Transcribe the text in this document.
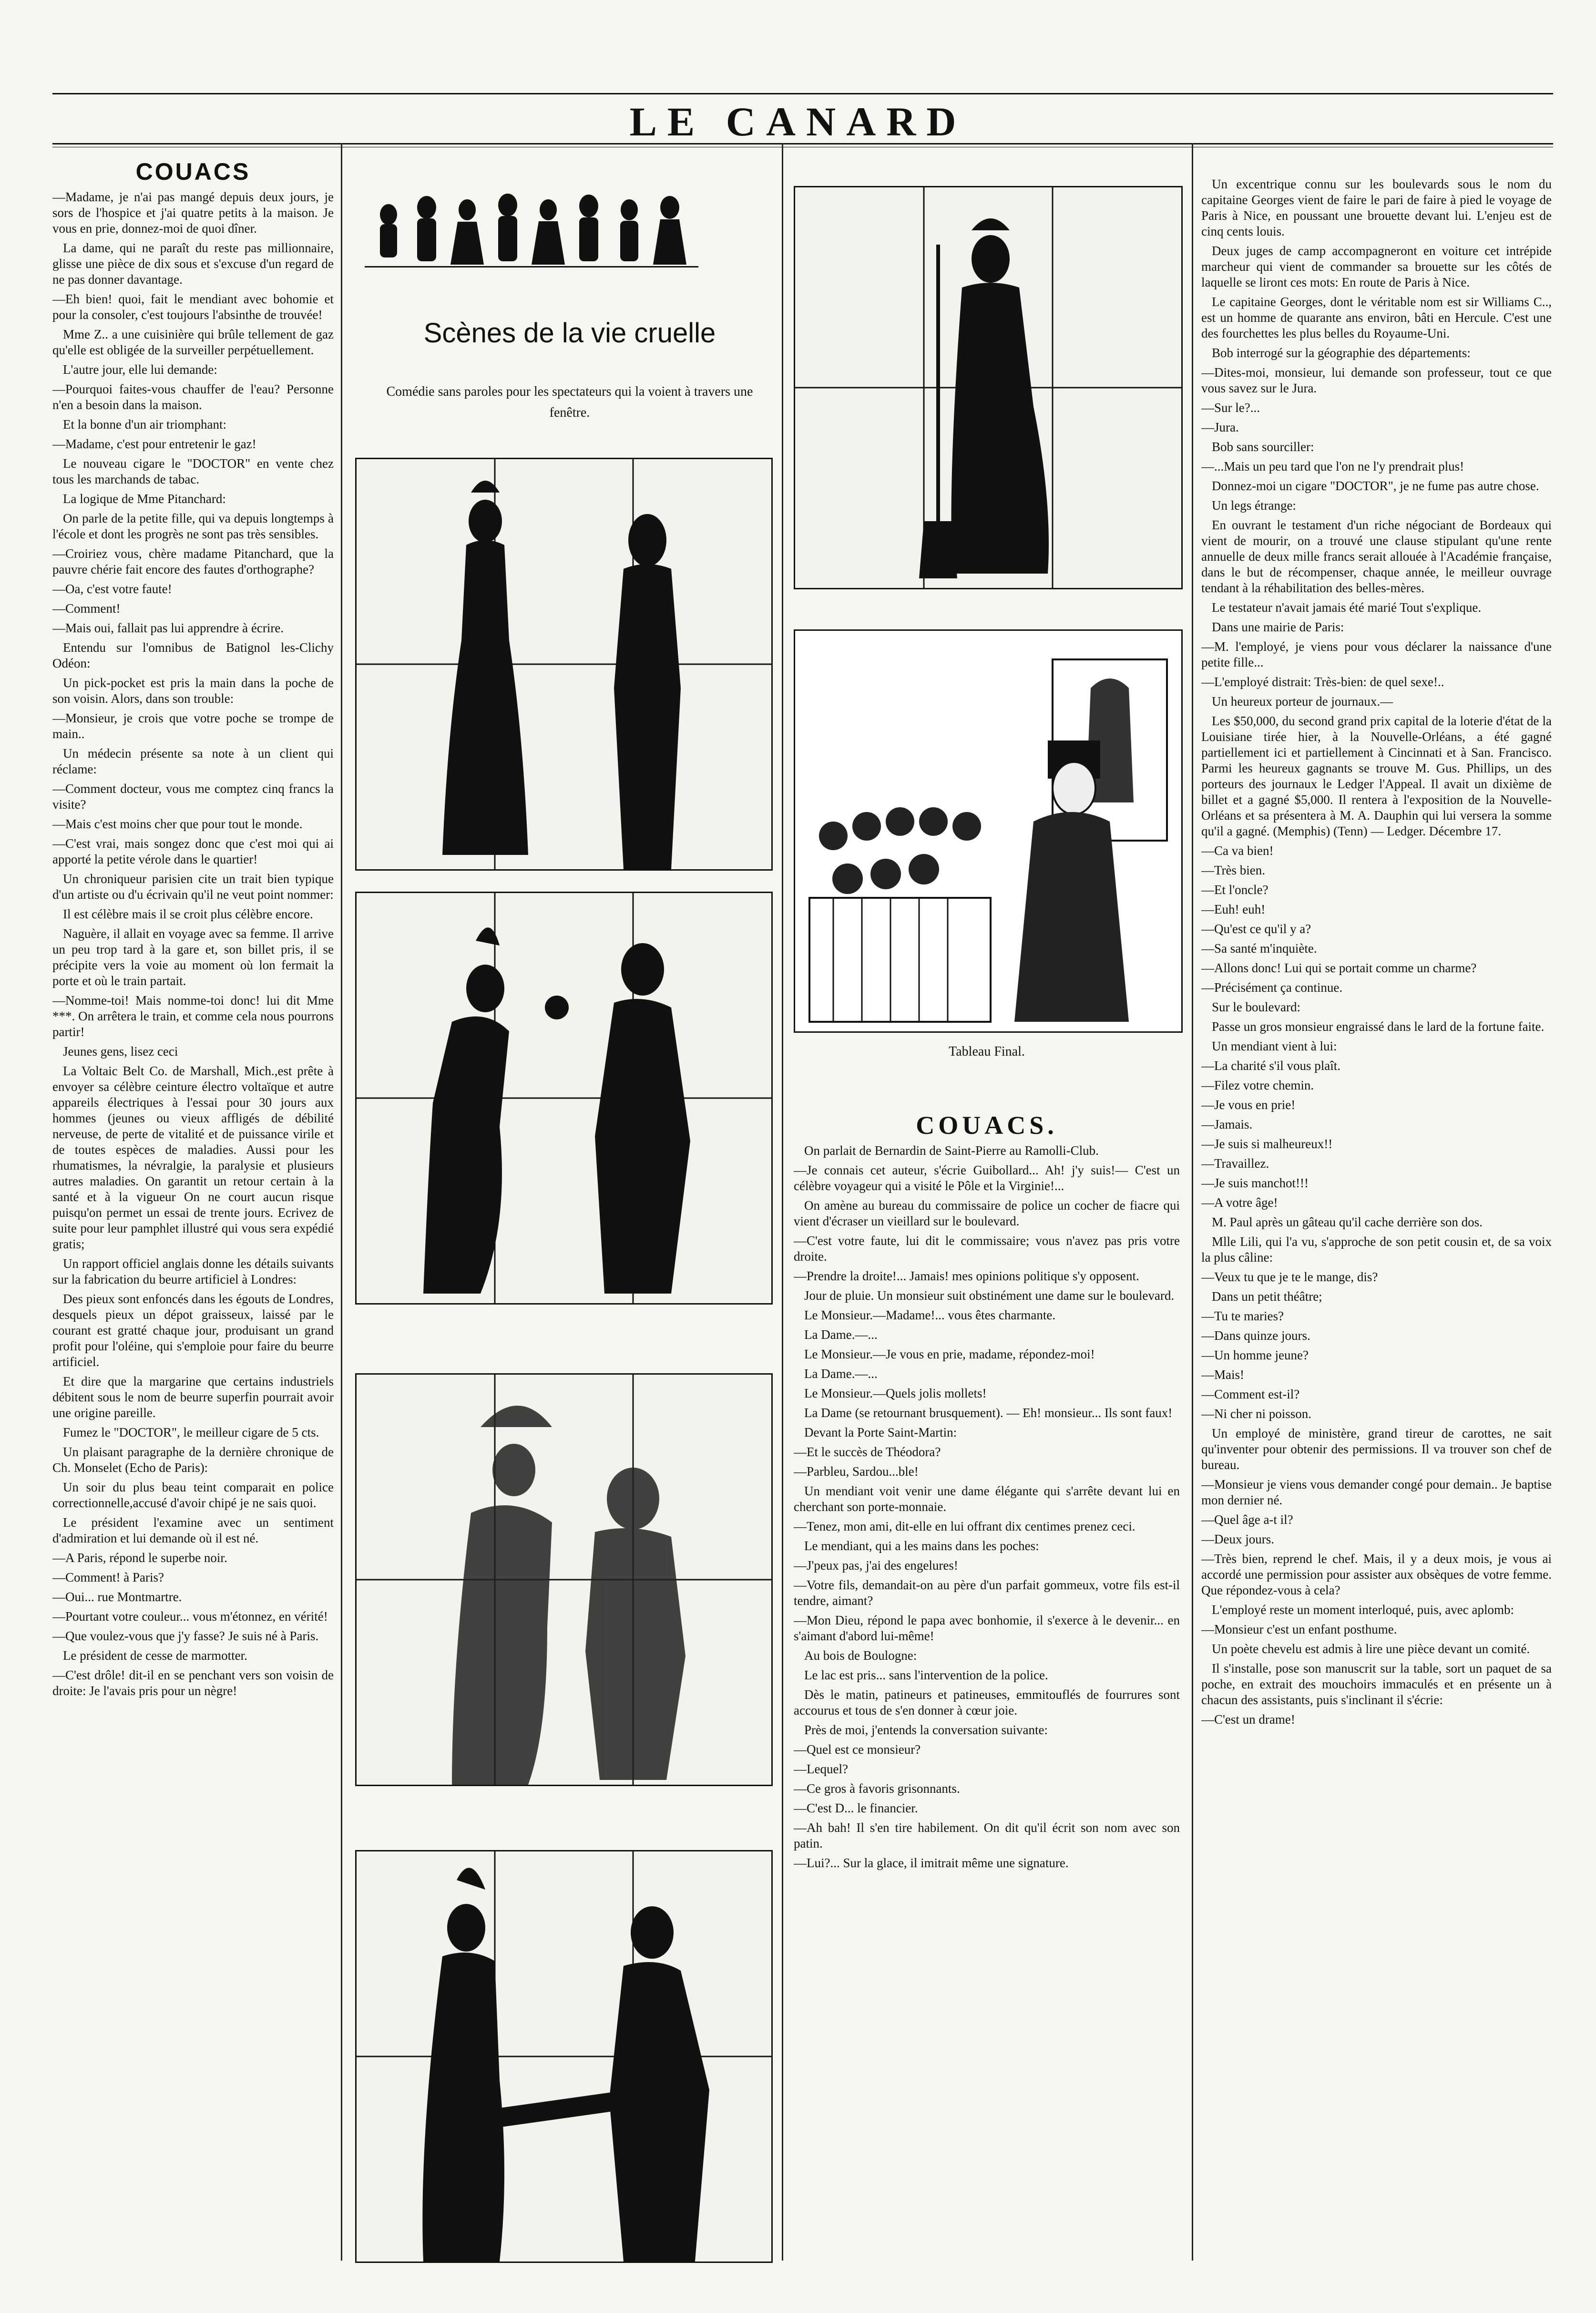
LE CANARD
COUACS

—Madame, je n'ai pas mangé depuis deux jours, je sors de l'hospice et j'ai quatre petits à la maison. Je vous en prie, donnez-moi de quoi dîner.

La dame, qui ne paraît du reste pas millionnaire, glisse une pièce de dix sous et s'excuse d'un regard de ne pas donner davantage.

—Eh bien! quoi, fait le mendiant avec bohomie et pour la consoler, c'est toujours l'absinthe de trouvée!

Mme Z.. a une cuisinière qui brûle tellement de gaz qu'elle est obligée de la surveiller perpétuellement.

L'autre jour, elle lui demande:

—Pourquoi faites-vous chauffer de l'eau? Personne n'en a besoin dans la maison.

Et la bonne d'un air triomphant:

—Madame, c'est pour entretenir le gaz!

Le nouveau cigare le "DOCTOR" en vente chez tous les marchands de tabac.

La logique de Mme Pitanchard:

On parle de la petite fille, qui va depuis longtemps à l'école et dont les progrès ne sont pas très sensibles.

—Croiriez vous, chère madame Pitanchard, que la pauvre chérie fait encore des fautes d'orthographe?

—Oa, c'est votre faute!

—Comment!

—Mais oui, fallait pas lui apprendre à écrire.

Entendu sur l'omnibus de Batignol les-Clichy Odéon:

Un pick-pocket est pris la main dans la poche de son voisin. Alors, dans son trouble:

—Monsieur, je crois que votre poche se trompe de main..

Un médecin présente sa note à un client qui réclame:

—Comment docteur, vous me comptez cinq francs la visite?

—Mais c'est moins cher que pour tout le monde.

—C'est vrai, mais songez donc que c'est moi qui ai apporté la petite vérole dans le quartier!

Un chroniqueur parisien cite un trait bien typique d'un artiste ou d'u écrivain qu'il ne veut point nommer:

Il est célèbre mais il se croit plus célèbre encore.

Naguère, il allait en voyage avec sa femme. Il arrive un peu trop tard à la gare et, son billet pris, il se précipite vers la voie au moment où lon fermait la porte et où le train partait.

—Nomme-toi! Mais nomme-toi donc! lui dit Mme ***. On arrêtera le train, et comme cela nous pourrons partir!

Jeunes gens, lisez ceci

La Voltaic Belt Co. de Marshall, Mich.,est prête à envoyer sa célèbre ceinture électro voltaïque et autre appareils électriques à l'essai pour 30 jours aux hommes (jeunes ou vieux affligés de débilité nerveuse, de perte de vitalité et de puissance virile et de toutes espèces de maladies. Aussi pour les rhumatismes, la névralgie, la paralysie et plusieurs autres maladies. On garantit un retour certain à la santé et à la vigueur On ne court aucun risque puisqu'on permet un essai de trente jours. Ecrivez de suite pour leur pamphlet illustré qui vous sera expédié gratis;

Un rapport officiel anglais donne les détails suivants sur la fabrication du beurre artificiel à Londres:

Des pieux sont enfoncés dans les égouts de Londres, desquels pieux un dépot graisseux, laissé par le courant est gratté chaque jour, produisant un grand profit pour l'oléine, qui s'emploie pour faire du beurre artificiel.

Et dire que la margarine que certains industriels débitent sous le nom de beurre superfin pourrait avoir une origine pareille.

Fumez le "DOCTOR", le meilleur cigare de 5 cts.

Un plaisant paragraphe de la dernière chronique de Ch. Monselet (Echo de Paris):

Un soir du plus beau teint comparait en police correctionnelle,accusé d'avoir chipé je ne sais quoi.

Le président l'examine avec un sentiment d'admiration et lui demande où il est né.

—A Paris, répond le superbe noir.

—Comment! à Paris?

—Oui... rue Montmartre.

—Pourtant votre couleur... vous m'étonnez, en vérité!

—Que voulez-vous que j'y fasse? Je suis né à Paris.

Le président de cesse de marmotter.

—C'est drôle! dit-il en se penchant vers son voisin de droite: Je l'avais pris pour un nègre!

Scènes de la vie cruelle
Comédie sans paroles pour les spectateurs qui la voient à travers une fenêtre.
Tableau Final.
COUACS.

On parlait de Bernardin de Saint-Pierre au Ramolli-Club.

—Je connais cet auteur, s'écrie Guibollard... Ah! j'y suis!— C'est un célèbre voyageur qui a visité le Pôle et la Virginie!...

On amène au bureau du commissaire de police un cocher de fiacre qui vient d'écraser un vieillard sur le boulevard.

—C'est votre faute, lui dit le commissaire; vous n'avez pas pris votre droite.

—Prendre la droite!... Jamais! mes opinions politique s'y opposent.

Jour de pluie. Un monsieur suit obstinément une dame sur le boulevard.

Le Monsieur.—Madame!... vous êtes charmante.

La Dame.—...

Le Monsieur.—Je vous en prie, madame, répondez-moi!

La Dame.—...

Le Monsieur.—Quels jolis mollets!

La Dame (se retournant brusquement). — Eh! monsieur... Ils sont faux!

Devant la Porte Saint-Martin:

—Et le succès de Théodora?

—Parbleu, Sardou...ble!

Un mendiant voit venir une dame élégante qui s'arrête devant lui en cherchant son porte-monnaie.

—Tenez, mon ami, dit-elle en lui offrant dix centimes prenez ceci.

Le mendiant, qui a les mains dans les poches:

—J'peux pas, j'ai des engelures!

—Votre fils, demandait-on au père d'un parfait gommeux, votre fils est-il tendre, aimant?

—Mon Dieu, répond le papa avec bonhomie, il s'exerce à le devenir... en s'aimant d'abord lui-même!

Au bois de Boulogne:

Le lac est pris... sans l'intervention de la police.

Dès le matin, patineurs et patineuses, emmitouflés de fourrures sont accourus et tous de s'en donner à cœur joie.

Près de moi, j'entends la conversation suivante:

—Quel est ce monsieur?

—Lequel?

—Ce gros à favoris grisonnants.

—C'est D... le financier.

—Ah bah! Il s'en tire habilement. On dit qu'il écrit son nom avec son patin.

—Lui?... Sur la glace, il imitrait même une signature.

Un excentrique connu sur les boulevards sous le nom du capitaine Georges vient de faire le pari de faire à pied le voyage de Paris à Nice, en poussant une brouette devant lui. L'enjeu est de cinq cents louis.

Deux juges de camp accompagneront en voiture cet intrépide marcheur qui vient de commander sa brouette sur les côtés de laquelle se liront ces mots: En route de Paris à Nice.

Le capitaine Georges, dont le véritable nom est sir Williams C.., est un homme de quarante ans environ, bâti en Hercule. C'est une des fourchettes les plus belles du Royaume-Uni.

Bob interrogé sur la géographie des départements:

—Dites-moi, monsieur, lui demande son professeur, tout ce que vous savez sur le Jura.

—Sur le?...

—Jura.

Bob sans sourciller:

—...Mais un peu tard que l'on ne l'y prendrait plus!

Donnez-moi un cigare "DOCTOR", je ne fume pas autre chose.

Un legs étrange:

En ouvrant le testament d'un riche négociant de Bordeaux qui vient de mourir, on a trouvé une clause stipulant qu'une rente annuelle de deux mille francs serait allouée à l'Académie française, dans le but de récompenser, chaque année, le meilleur ouvrage tendant à la réhabilitation des belles-mères.

Le testateur n'avait jamais été marié Tout s'explique.

Dans une mairie de Paris:

—M. l'employé, je viens pour vous déclarer la naissance d'une petite fille...

—L'employé distrait: Très-bien: de quel sexe!..

Un heureux porteur de journaux.—

Les $50,000, du second grand prix capital de la loterie d'état de la Louisiane tirée hier, à la Nouvelle-Orléans, a été gagné partiellement ici et partiellement à Cincinnati et à San. Francisco. Parmi les heureux gagnants se trouve M. Gus. Phillips, un des porteurs des journaux le Ledger l'Appeal. Il avait un dixième de billet et a gagné $5,000. Il rentera à l'exposition de la Nouvelle-Orléans et sa présentera à M. A. Dauphin qui lui versera la somme qu'il a gagné. (Memphis) (Tenn) — Ledger. Décembre 17.

—Ca va bien!

—Très bien.

—Et l'oncle?

—Euh! euh!

—Qu'est ce qu'il y a?

—Sa santé m'inquiète.

—Allons donc! Lui qui se portait comme un charme?

—Précisément ça continue.

Sur le boulevard:

Passe un gros monsieur engraissé dans le lard de la fortune faite.

Un mendiant vient à lui:

—La charité s'il vous plaît.

—Filez votre chemin.

—Je vous en prie!

—Jamais.

—Je suis si malheureux!!

—Travaillez.

—Je suis manchot!!!

—A votre âge!

M. Paul après un gâteau qu'il cache derrière son dos.

Mlle Lili, qui l'a vu, s'approche de son petit cousin et, de sa voix la plus câline:

—Veux tu que je te le mange, dis?

Dans un petit théâtre;

—Tu te maries?

—Dans quinze jours.

—Un homme jeune?

—Mais!

—Comment est-il?

—Ni cher ni poisson.

Un employé de ministère, grand tireur de carottes, ne sait qu'inventer pour obtenir des permissions. Il va trouver son chef de bureau.

—Monsieur je viens vous demander congé pour demain.. Je baptise mon dernier né.

—Quel âge a-t il?

—Deux jours.

—Très bien, reprend le chef. Mais, il y a deux mois, je vous ai accordé une permission pour assister aux obsèques de votre femme. Que répondez-vous à cela?

L'employé reste un moment interloqué, puis, avec aplomb:

—Monsieur c'est un enfant posthume.

Un poète chevelu est admis à lire une pièce devant un comité.

Il s'installe, pose son manuscrit sur la table, sort un paquet de sa poche, en extrait des mouchoirs immaculés et en présente un à chacun des assistants, puis s'inclinant il s'écrie:

—C'est un drame!
